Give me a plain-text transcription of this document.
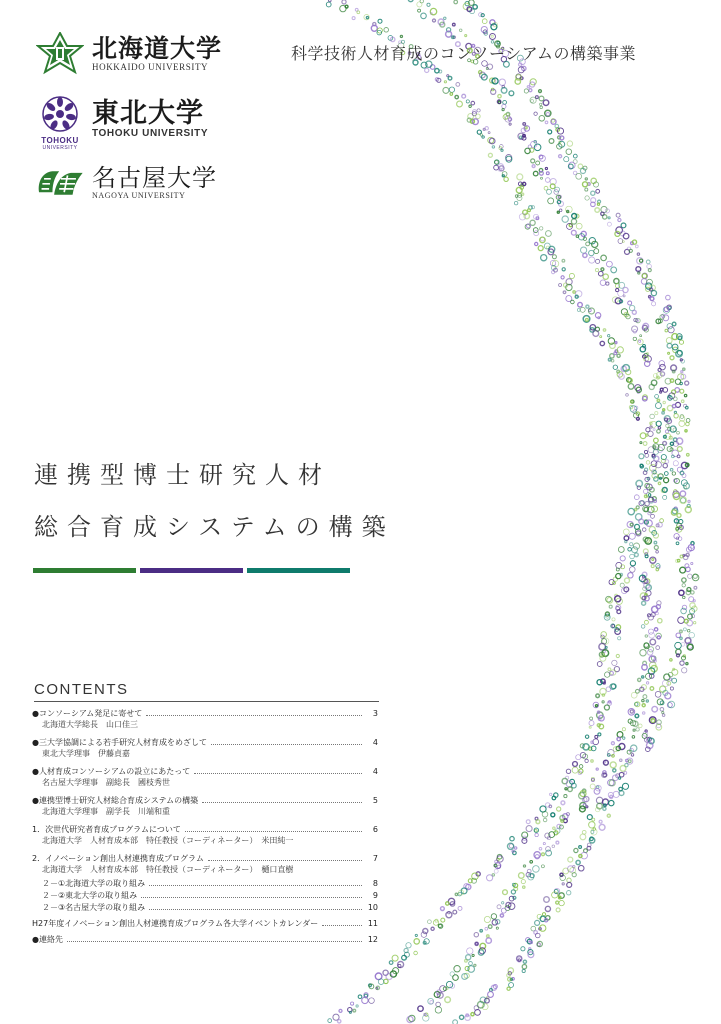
北海道大学
HOKKAIDO UNIVERSITY
TOHOKU
UNIVERSITY
東北大学
TOHOKU UNIVERSITY
名古屋大学
NAGOYA UNIVERSITY
科学技術人材育成のコンソーシアムの構築事業
連携型博士研究人材
総合育成システムの構築
CONTENTS
●コンソーシアム発足に寄せて	3
北海道大学総長　山口佳三
●三大学協調による若手研究人材育成をめざして	4
東北大学理事　伊藤貞嘉
●人材育成コンソーシアムの設立にあたって	4
名古屋大学理事　副総長　國枝秀世
●連携型博士研究人材総合育成システムの構築	5
北海道大学理事　副学長　川端和重
1．次世代研究者育成プログラムについて	6
北海道大学　人材育成本部　特任教授（コーディネーター）　米田純一
2．イノベーション創出人材連携育成プログラム	7
北海道大学　人材育成本部　特任教授（コーディネーター）　樋口直樹
２－①北海道大学の取り組み	8
２－②東北大学の取り組み	9
２－③名古屋大学の取り組み	10
H27年度イノベーション創出人材連携育成プログラム各大学イベントカレンダー	11
●連絡先	12
